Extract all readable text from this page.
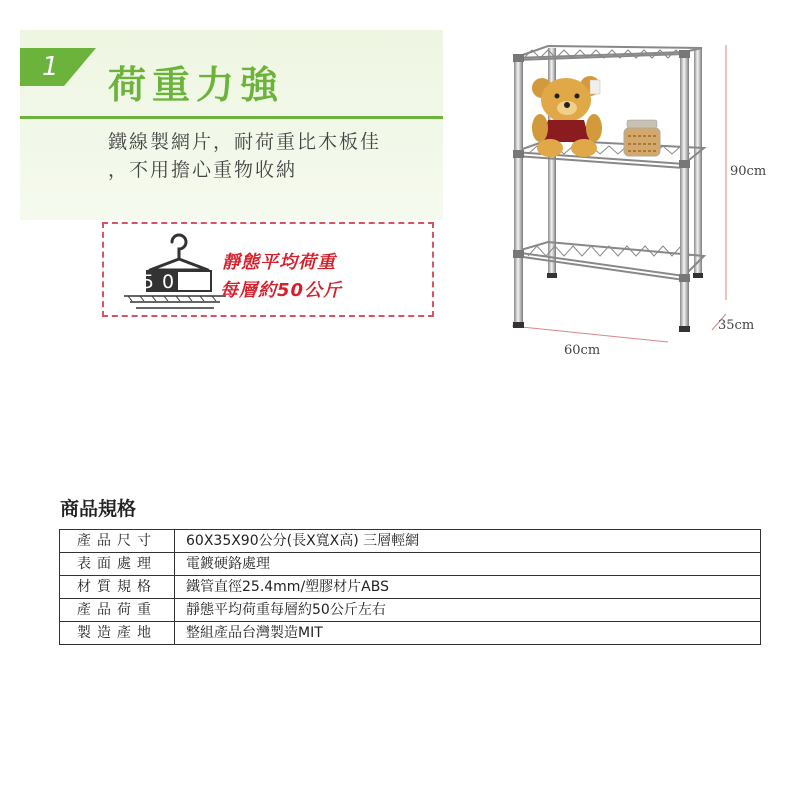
1 荷重力強
鐵線製網片，耐荷重比木板佳
，不用擔心重物收納
50
靜態平均荷重
每層約50公斤
90cm
35cm
60cm
商品規格
產品尺寸	60X35X90公分(長X寬X高) 三層輕網
表面處理	電鍍硬鉻處理
材質規格	鐵管直徑25.4mm/塑膠材片ABS
產品荷重	靜態平均荷重每層約50公斤左右
製造產地	整組產品台灣製造MIT
